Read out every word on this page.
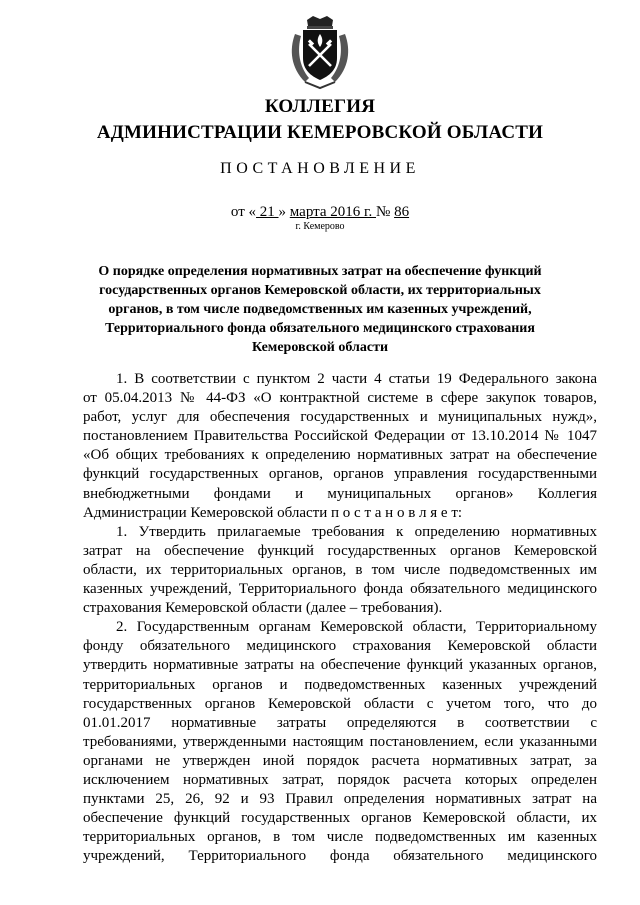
КОЛЛЕГИЯ
АДМИНИСТРАЦИИ КЕМЕРОВСКОЙ ОБЛАСТИ
ПОСТАНОВЛЕНИЕ
от « 21 » марта 2016 г. № 86
г. Кемерово
О порядке определения нормативных затрат на обеспечение функций
государственных органов Кемеровской области, их территориальных
органов, в том числе подведомственных им казенных учреждений,
Территориального фонда обязательного медицинского страхования
Кемеровской области
1. В соответствии с пунктом 2 части 4 статьи 19 Федерального закона
от 05.04.2013 № 44-ФЗ «О контрактной системе в сфере закупок товаров,
работ, услуг для обеспечения государственных и муниципальных нужд»,
постановлением Правительства Российской Федерации от 13.10.2014 № 1047
«Об общих требованиях к определению нормативных затрат на обеспечение
функций государственных органов, органов управления государственными
внебюджетными фондами и муниципальных органов» Коллегия
Администрации Кемеровской области п о с т а н о в л я е т:
1. Утвердить прилагаемые требования к определению нормативных
затрат на обеспечение функций государственных органов Кемеровской
области, их территориальных органов, в том числе подведомственных им
казенных учреждений, Территориального фонда обязательного медицинского
страхования Кемеровской области (далее – требования).
2. Государственным органам Кемеровской области, Территориальному
фонду обязательного медицинского страхования Кемеровской области
утвердить нормативные затраты на обеспечение функций указанных органов,
территориальных органов и подведомственных казенных учреждений
государственных органов Кемеровской области с учетом того, что до
01.01.2017 нормативные затраты определяются в соответствии с
требованиями, утвержденными настоящим постановлением, если указанными
органами не утвержден иной порядок расчета нормативных затрат, за
исключением нормативных затрат, порядок расчета которых определен
пунктами 25, 26, 92 и 93 Правил определения нормативных затрат на
обеспечение функций государственных органов Кемеровской области, их
территориальных органов, в том числе подведомственных им казенных
учреждений, Территориального фонда обязательного медицинского
